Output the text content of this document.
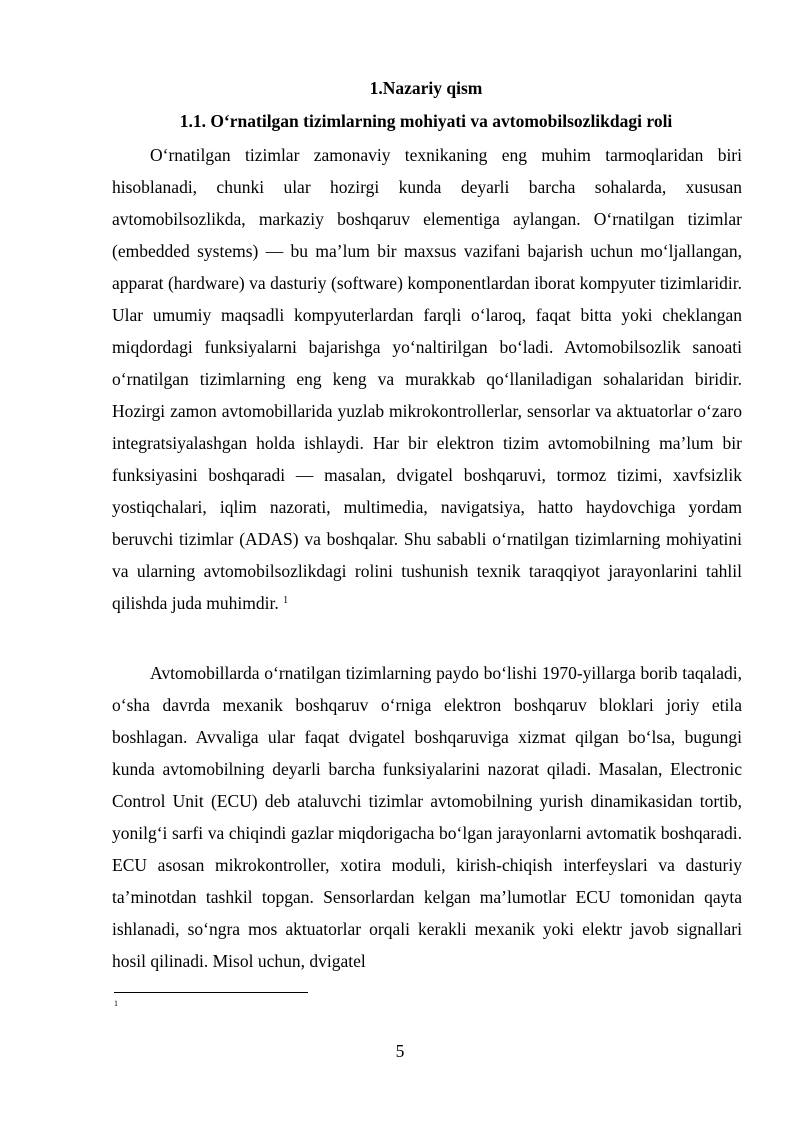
1.Nazariy qism
1.1. O‘rnatilgan tizimlarning mohiyati va avtomobilsozlikdagi roli

O‘rnatilgan tizimlar zamonaviy texnikaning eng muhim tarmoqlaridan biri hisoblanadi, chunki ular hozirgi kunda deyarli barcha sohalarda, xususan avtomobilsozlikda, markaziy boshqaruv elementiga aylangan. O‘rnatilgan tizimlar (embedded systems) — bu ma’lum bir maxsus vazifani bajarish uchun mo‘ljallangan, apparat (hardware) va dasturiy (software) komponentlardan iborat kompyuter tizimlaridir. Ular umumiy maqsadli kompyuterlardan farqli o‘laroq, faqat bitta yoki cheklangan miqdordagi funksiyalarni bajarishga yo‘naltirilgan bo‘ladi. Avtomobilsozlik sanoati o‘rnatilgan tizimlarning eng keng va murakkab qo‘llaniladigan sohalaridan biridir. Hozirgi zamon avtomobillarida yuzlab mikrokontrollerlar, sensorlar va aktuatorlar o‘zaro integratsiyalashgan holda ishlaydi. Har bir elektron tizim avtomobilning ma’lum bir funksiyasini boshqaradi — masalan, dvigatel boshqaruvi, tormoz tizimi, xavfsizlik yostiqchalari, iqlim nazorati, multimedia, navigatsiya, hatto haydovchiga yordam beruvchi tizimlar (ADAS) va boshqalar. Shu sababli o‘rnatilgan tizimlarning mohiyatini va ularning avtomobilsozlikdagi rolini tushunish texnik taraqqiyot jarayonlarini tahlil qilishda juda muhimdir. $^1$

Avtomobillarda o‘rnatilgan tizimlarning paydo bo‘lishi 1970-yillarga borib taqaladi, o‘sha davrda mexanik boshqaruv o‘rniga elektron boshqaruv bloklari joriy etila boshlagan. Avvaliga ular faqat dvigatel boshqaruviga xizmat qilgan bo‘lsa, bugungi kunda avtomobilning deyarli barcha funksiyalarini nazorat qiladi. Masalan, Electronic Control Unit (ECU) deb ataluvchi tizimlar avtomobilning yurish dinamikasidan tortib, yonilg‘i sarfi va chiqindi gazlar miqdorigacha bo‘lgan jarayonlarni avtomatik boshqaradi. ECU asosan mikrokontroller, xotira moduli, kirish-chiqish interfeyslari va dasturiy ta’minotdan tashkil topgan. Sensorlardan kelgan ma’lumotlar ECU tomonidan qayta ishlanadi, so‘ngra mos aktuatorlar orqali kerakli mexanik yoki elektr javob signallari hosil qilinadi. Misol uchun, dvigatel

1
5
